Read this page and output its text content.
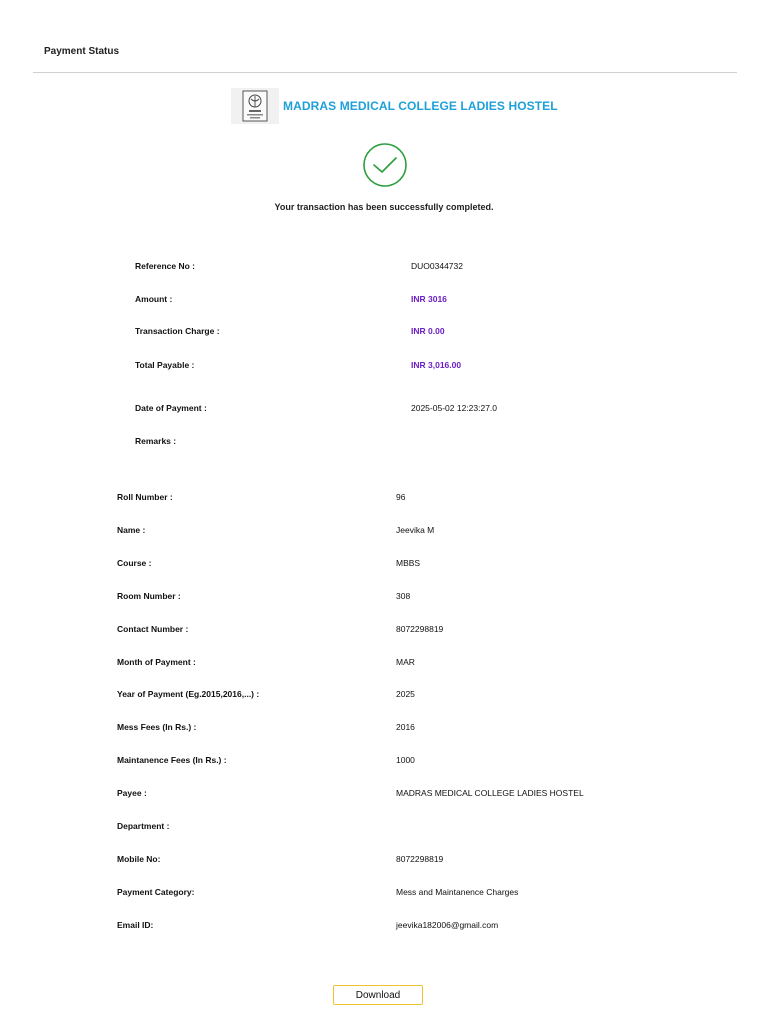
Payment Status
MADRAS MEDICAL COLLEGE LADIES HOSTEL
Your transaction has been successfully completed.
Reference No :	DUO0344732
Amount :	INR 3016
Transaction Charge :	INR 0.00
Total Payable :	INR 3,016.00
Date of Payment :	2025-05-02 12:23:27.0
Remarks :
Roll Number :	96
Name :	Jeevika M
Course :	MBBS
Room Number :	308
Contact Number :	8072298819
Month of Payment :	MAR
Year of Payment (Eg.2015,2016,...) :	2025
Mess Fees (In Rs.) :	2016
Maintanence Fees (In Rs.) :	1000
Payee :	MADRAS MEDICAL COLLEGE LADIES HOSTEL
Department :
Mobile No:	8072298819
Payment Category:	Mess and Maintanence Charges
Email ID:	jeevika182006@gmail.com
Download
